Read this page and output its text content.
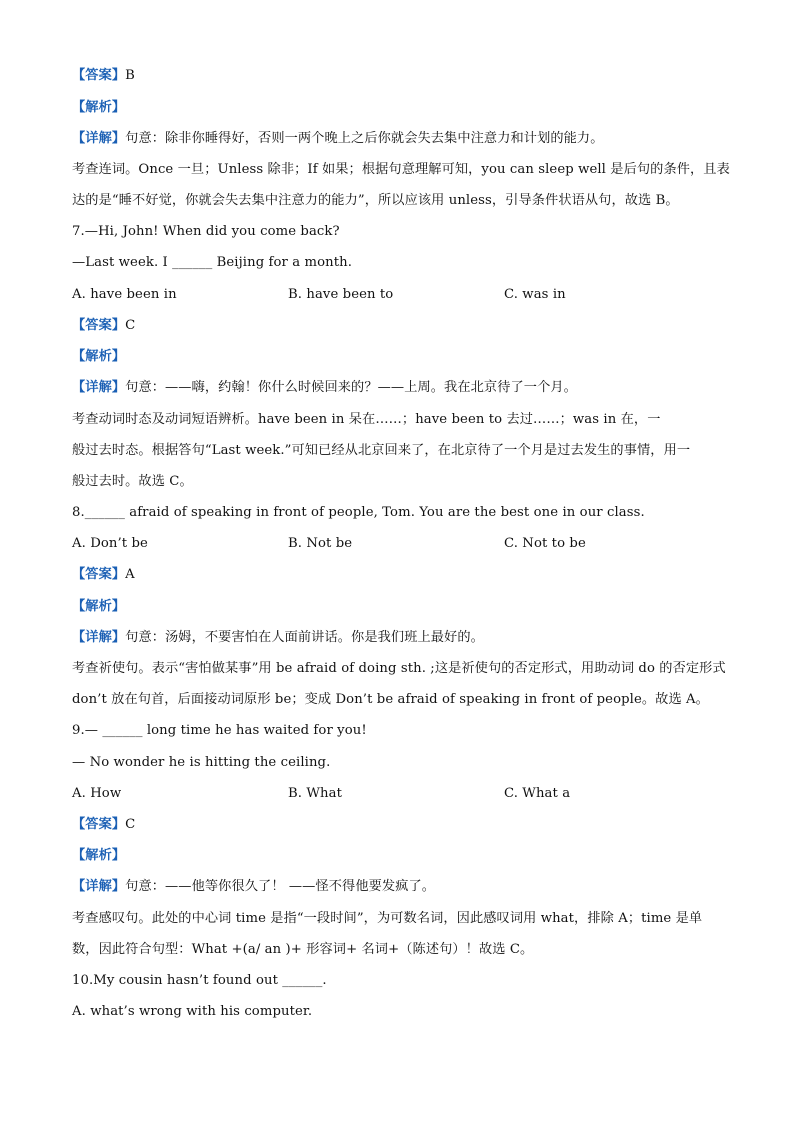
【答案】B
【解析】
【详解】句意：除非你睡得好，否则一两个晚上之后你就会失去集中注意力和计划的能力。
考查连词。Once 一旦；Unless 除非；If 如果；根据句意理解可知，you can sleep well 是后句的条件，且表
达的是“睡不好觉，你就会失去集中注意力的能力”，所以应该用 unless，引导条件状语从句，故选 B。
7.—Hi, John! When did you come back?
—Last week. I ______ Beijing for a month.
A. have been in	B. have been to	C. was in
【答案】C
【解析】
【详解】句意：——嗨，约翰！你什么时候回来的？——上周。我在北京待了一个月。
考查动词时态及动词短语辨析。have been in 呆在……；have been to 去过……；was in 在，一
般过去时态。根据答句“Last week.”可知已经从北京回来了，在北京待了一个月是过去发生的事情，用一
般过去时。故选 C。
8.______ afraid of speaking in front of people, Tom. You are the best one in our class.
A. Don’t be	B. Not be	C. Not to be
【答案】A
【解析】
【详解】句意：汤姆，不要害怕在人面前讲话。你是我们班上最好的。
考查祈使句。表示“害怕做某事”用 be afraid of doing sth. ;这是祈使句的否定形式，用助动词 do 的否定形式
don’t 放在句首，后面接动词原形 be；变成 Don’t be afraid of speaking in front of people。故选 A。
9.— ______ long time he has waited for you!
— No wonder he is hitting the ceiling.
A. How	B. What	C. What a
【答案】C
【解析】
【详解】句意：——他等你很久了！ ——怪不得他要发疯了。
考查感叹句。此处的中心词 time 是指“一段时间”，为可数名词，因此感叹词用 what，排除 A；time 是单
数，因此符合句型：What +(a/ an )+ 形容词+ 名词+（陈述句）！故选 C。
10.My cousin hasn’t found out ______.
A. what’s wrong with his computer.
